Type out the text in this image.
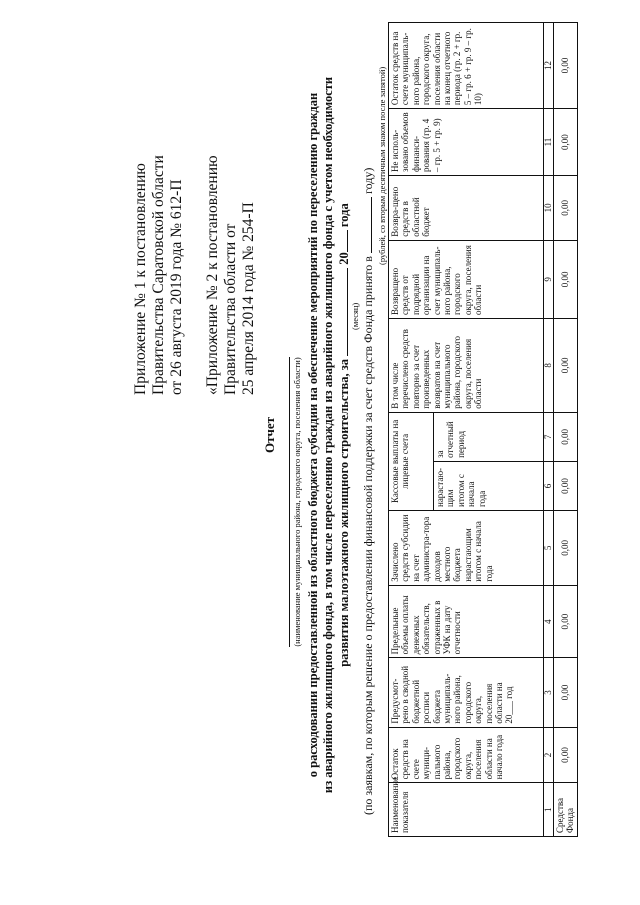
Приложение № 1 к постановлению Правительства Саратовской области от 26 августа 2019 года № 612-П «Приложение № 2 к постановлению Правительства области от 25 апреля 2014 года № 254-П
Отчет (наименование муниципального района, городского округа, поселения области) о расходовании предоставленной из областного бюджета субсидии на обеспечение мероприятий по переселению граждан из аварийного жилищного фонда, в том числе переселению граждан из аварийного жилищного фонда с учетом необходимости развития малоэтажного жилищного строительства, за  20 года
(месяц) (по заявкам, по которым решение о предоставлении финансовой поддержки за счет средств Фонда принято в  году) (рублей, со вторым десятичным знаком после запятой)
Наименование показателя	Остаток средств на счете муници-пального района, городского округа, поселения области на начало года	Предусмот-рено в сводной бюджетной росписи бюджета муниципаль-ного района, городского округа, поселения области на 20___ год	Предельные объемы оплаты денежных обязательств, отраженных в УФК на дату отчетности	Зачислено средств субсидии на счет администра-тора доходов местного бюджета нарастающим итогом с начала года	Кассовые выплаты на лицевые счета		В том числе перечислено средств повторно за счет произведенных возвратов на счет муниципального района, городского округа, поселения области	Возвращено средств от подрядной организации на счет муниципаль-ного района, городского округа, поселения области	Возвра-щено средств в областной бюджет	Не исполь-зовано объемов финанси-рования (гр. 4 – гр. 5 + гр. 9)	Остаток средств на счете муниципаль-ного района, городского округа, поселения области на конец отчетного периода (гр. 2 + гр. 5 – гр. 6 + гр. 9 – гр. 10)
					нарастаю-щим итогом с начала года	за отчетный период					
1	2	3	4	5	6	7	8	9	10	11	12
Средства Фонда	0,00	0,00	0,00	0,00	0,00	0,00	0,00	0,00	0,00	0,00	0,00
